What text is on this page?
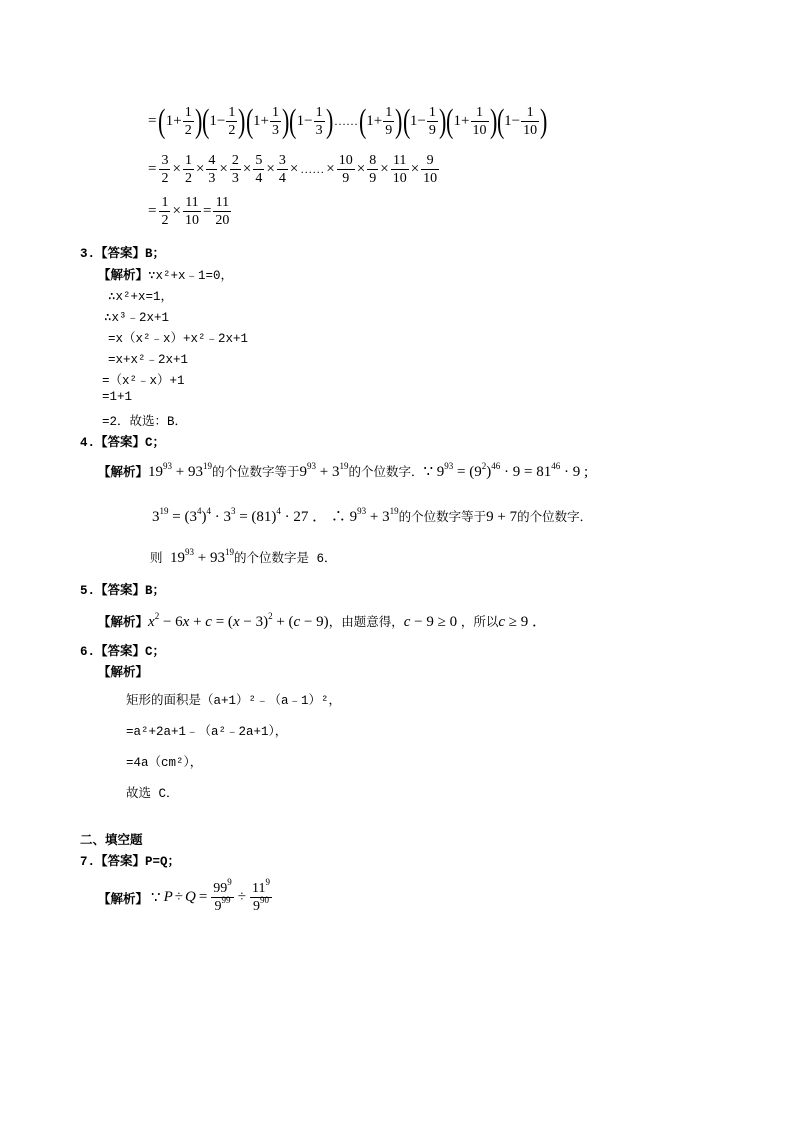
= ( $1+ \frac{1}{2}$ ) ( $1- \frac{1}{2}$ ) ( $1+ \frac{1}{3}$ ) ( $1- \frac{1}{3}$ ) …… ( $1+ \frac{1}{9}$ ) ( $1- \frac{1}{9}$ ) ( $1+ \frac{1}{10}$ ) ( $1- \frac{1}{10}$ )
= $\frac{3}{2} \times \frac{1}{2} \times \frac{4}{3} \times \frac{2}{3} \times \frac{5}{4} \times \frac{3}{4}$ × …… × $\frac{10}{9} \times \frac{8}{9} \times \frac{11}{10} \times \frac{9}{10}$
= $\frac{1}{2} \times \frac{11}{10} = \frac{11}{20}$
3.【答案】B；
【解析】∵x²+x﹣1=0，
∴x²+x=1，
∴x³﹣2x+1
=x（x²﹣x）+x²﹣2x+1
=x+x²﹣2x+1
=（x²﹣x）+1
=1+1
=2．故选：B．
4.【答案】C；
【解析】$19^{93} + 93^{19}$的个位数字等于$9^{93} + 3^{19}$的个位数字．∵ $9^{93} = (9^2)^{46} \cdot 9 = 81^{46} \cdot 9$ ;
$3^{19} = (3^4)^4 \cdot 3^3 = (81)^4 \cdot 27$ ． ∴ $9^{93} + 3^{19}$的个位数字等于9 + 7的个位数字．
则 $19^{93} + 93^{19}$的个位数字是 6．
5.【答案】B；
【解析】$x^2 - 6x + c = (x - 3)^2 + (c - 9)$，由题意得，c − 9 ≥ 0 ，所以c ≥ 9 ．
6.【答案】C；
【解析】
矩形的面积是（a+1）²﹣（a﹣1）²，
=a²+2a+1﹣（a²﹣2a+1），
=4a（cm²），
故选 C．
二、填空题
7.【答案】P=Q；
【解析】 ∵ $P \div Q = \frac{99^9}{9^{99}} \div \frac{11^9}{9^{90}}$
